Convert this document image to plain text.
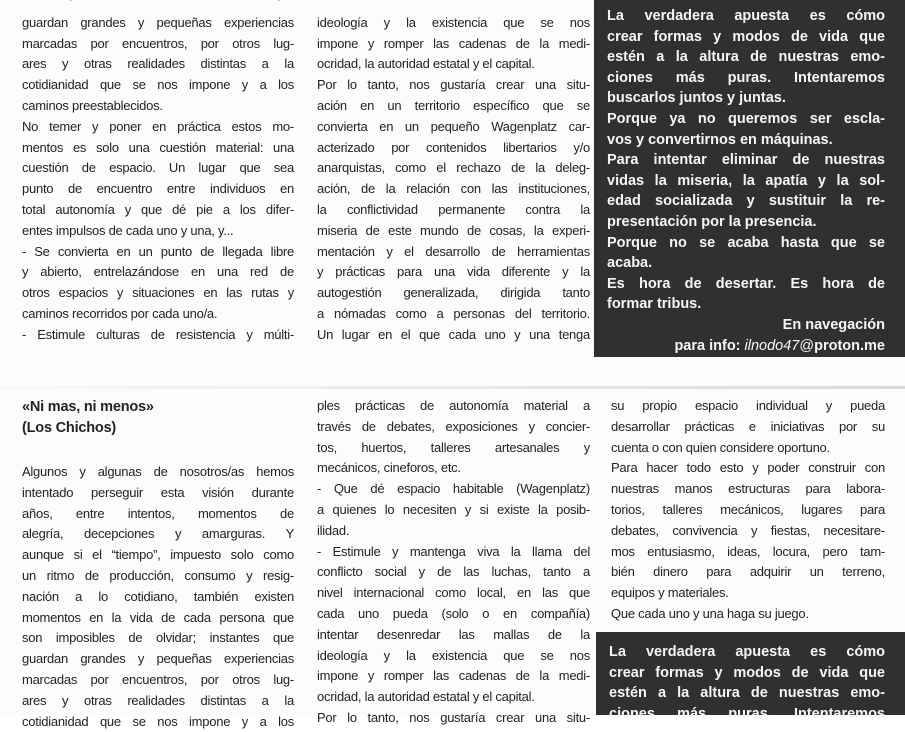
guardan grandes y pequeñas experiencias
marcadas por encuentros, por otros lug-
ares y otras realidades distintas a la
cotidianidad que se nos impone y a los
caminos preestablecidos.
No temer y poner en práctica estos mo-
mentos es solo una cuestión material: una
cuestión de espacio. Un lugar que sea
punto de encuentro entre individuos en
total autonomía y que dé pie a los difer-
entes impulsos de cada uno y una, y...
- Se convierta en un punto de llegada libre
y abierto, entrelazándose en una red de
otros espacios y situaciones en las rutas y
caminos recorridos por cada uno/a.
- Estimule culturas de resistencia y múlti-
ideología y la existencia que se nos
impone y romper las cadenas de la medi-
ocridad, la autoridad estatal y el capital.
Por lo tanto, nos gustaría crear una situ-
ación en un territorio específico que se
convierta en un pequeño Wagenplatz car-
acterizado por contenidos libertarios y/o
anarquistas, como el rechazo de la deleg-
ación, de la relación con las instituciones,
la conflictividad permanente contra la
miseria de este mundo de cosas, la experi-
mentación y el desarrollo de herramientas
y prácticas para una vida diferente y la
autogestión generalizada, dirigida tanto
a nómadas como a personas del territorio.
Un lugar en el que cada uno y una tenga
La verdadera apuesta es cómo
crear formas y modos de vida que
estén a la altura de nuestras emo-
ciones más puras. Intentaremos
buscarlos juntos y juntas.
Porque ya no queremos ser escla-
vos y convertirnos en máquinas.
Para intentar eliminar de nuestras
vidas la miseria, la apatía y la sol-
edad socializada y sustituir la re-
presentación por la presencia.
Porque no se acaba hasta que se
acaba.
Es hora de desertar. Es hora de
formar tribus.
En navegación
para info: ilnodo47@proton.me
«Ni mas, ni menos»
(Los Chichos)
Algunos y algunas de nosotros/as hemos
intentado perseguir esta visión durante
años, entre intentos, momentos de
alegría, decepciones y amarguras. Y
aunque si el “tiempo”, impuesto solo como
un ritmo de producción, consumo y resig-
nación a lo cotidiano, también existen
momentos en la vida de cada persona que
son imposibles de olvidar; instantes que
guardan grandes y pequeñas experiencias
marcadas por encuentros, por otros lug-
ares y otras realidades distintas a la
cotidianidad que se nos impone y a los
ples prácticas de autonomía material a
través de debates, exposiciones y concier-
tos, huertos, talleres artesanales y
mecánicos, cineforos, etc.
- Que dé espacio habitable (Wagenplatz)
a quienes lo necesiten y si existe la posib-
ilidad.
- Estimule y mantenga viva la llama del
conflicto social y de las luchas, tanto a
nivel internacional como local, en las que
cada uno pueda (solo o en compañía)
intentar desenredar las mallas de la
ideología y la existencia que se nos
impone y romper las cadenas de la medi-
ocridad, la autoridad estatal y el capital.
Por lo tanto, nos gustaría crear una situ-
su propio espacio individual y pueda
desarrollar prácticas e iniciativas por su
cuenta o con quien considere oportuno.
Para hacer todo esto y poder construir con
nuestras manos estructuras para labora-
torios, talleres mecánicos, lugares para
debates, convivencia y fiestas, necesitare-
mos entusiasmo, ideas, locura, pero tam-
bién dinero para adquirir un terreno,
equipos y materiales.
Que cada uno y una haga su juego.
La verdadera apuesta es cómo
crear formas y modos de vida que
estén a la altura de nuestras emo-
ciones más puras. Intentaremos
